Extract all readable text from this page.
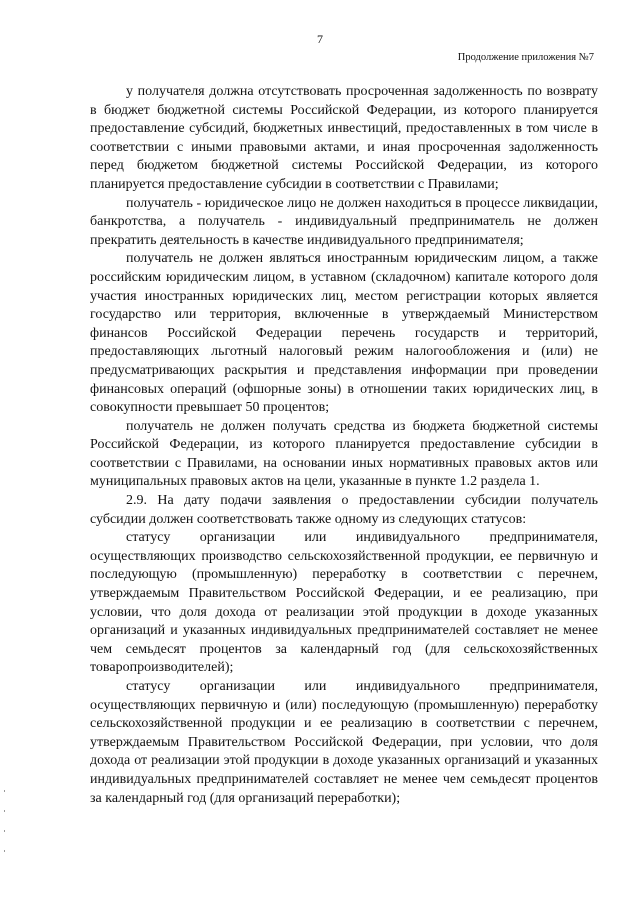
7
Продолжение приложения №7

у получателя должна отсутствовать просроченная задолженность по возврату в бюджет бюджетной системы Российской Федерации, из которого планируется предоставление субсидий, бюджетных инвестиций, предоставленных в том числе в соответствии с иными правовыми актами, и иная просроченная задолженность перед бюджетом бюджетной системы Российской Федерации, из которого планируется предоставление субсидии в соответствии с Правилами;

получатель - юридическое лицо не должен находиться в процессе ликвидации, банкротства, а получатель - индивидуальный предприниматель не должен прекратить деятельность в качестве индивидуального предпринимателя;

получатель не должен являться иностранным юридическим лицом, а также российским юридическим лицом, в уставном (складочном) капитале которого доля участия иностранных юридических лиц, местом регистрации которых является государство или территория, включенные в утверждаемый Министерством финансов Российской Федерации перечень государств и территорий, предоставляющих льготный налоговый режим налогообложения и (или) не предусматривающих раскрытия и представления информации при проведении финансовых операций (офшорные зоны) в отношении таких юридических лиц, в совокупности превышает 50 процентов;

получатель не должен получать средства из бюджета бюджетной системы Российской Федерации, из которого планируется предоставление субсидии в соответствии с Правилами, на основании иных нормативных правовых актов или муниципальных правовых актов на цели, указанные в пункте 1.2 раздела 1.

2.9. На дату подачи заявления о предоставлении субсидии получатель субсидии должен соответствовать также одному из следующих статусов:

статусу организации или индивидуального предпринимателя, осуществляющих производство сельскохозяйственной продукции, ее первичную и последующую (промышленную) переработку в соответствии с перечнем, утверждаемым Правительством Российской Федерации, и ее реализацию, при условии, что доля дохода от реализации этой продукции в доходе указанных организаций и указанных индивидуальных предпринимателей составляет не менее чем семьдесят процентов за календарный год (для сельскохозяйственных товаропроизводителей);

статусу организации или индивидуального предпринимателя, осуществляющих первичную и (или) последующую (промышленную) переработку сельскохозяйственной продукции и ее реализацию в соответствии с перечнем, утверждаемым Правительством Российской Федерации, при условии, что доля дохода от реализации этой продукции в доходе указанных организаций и указанных индивидуальных предпринимателей составляет не менее чем семьдесят процентов за календарный год (для организаций переработки);
